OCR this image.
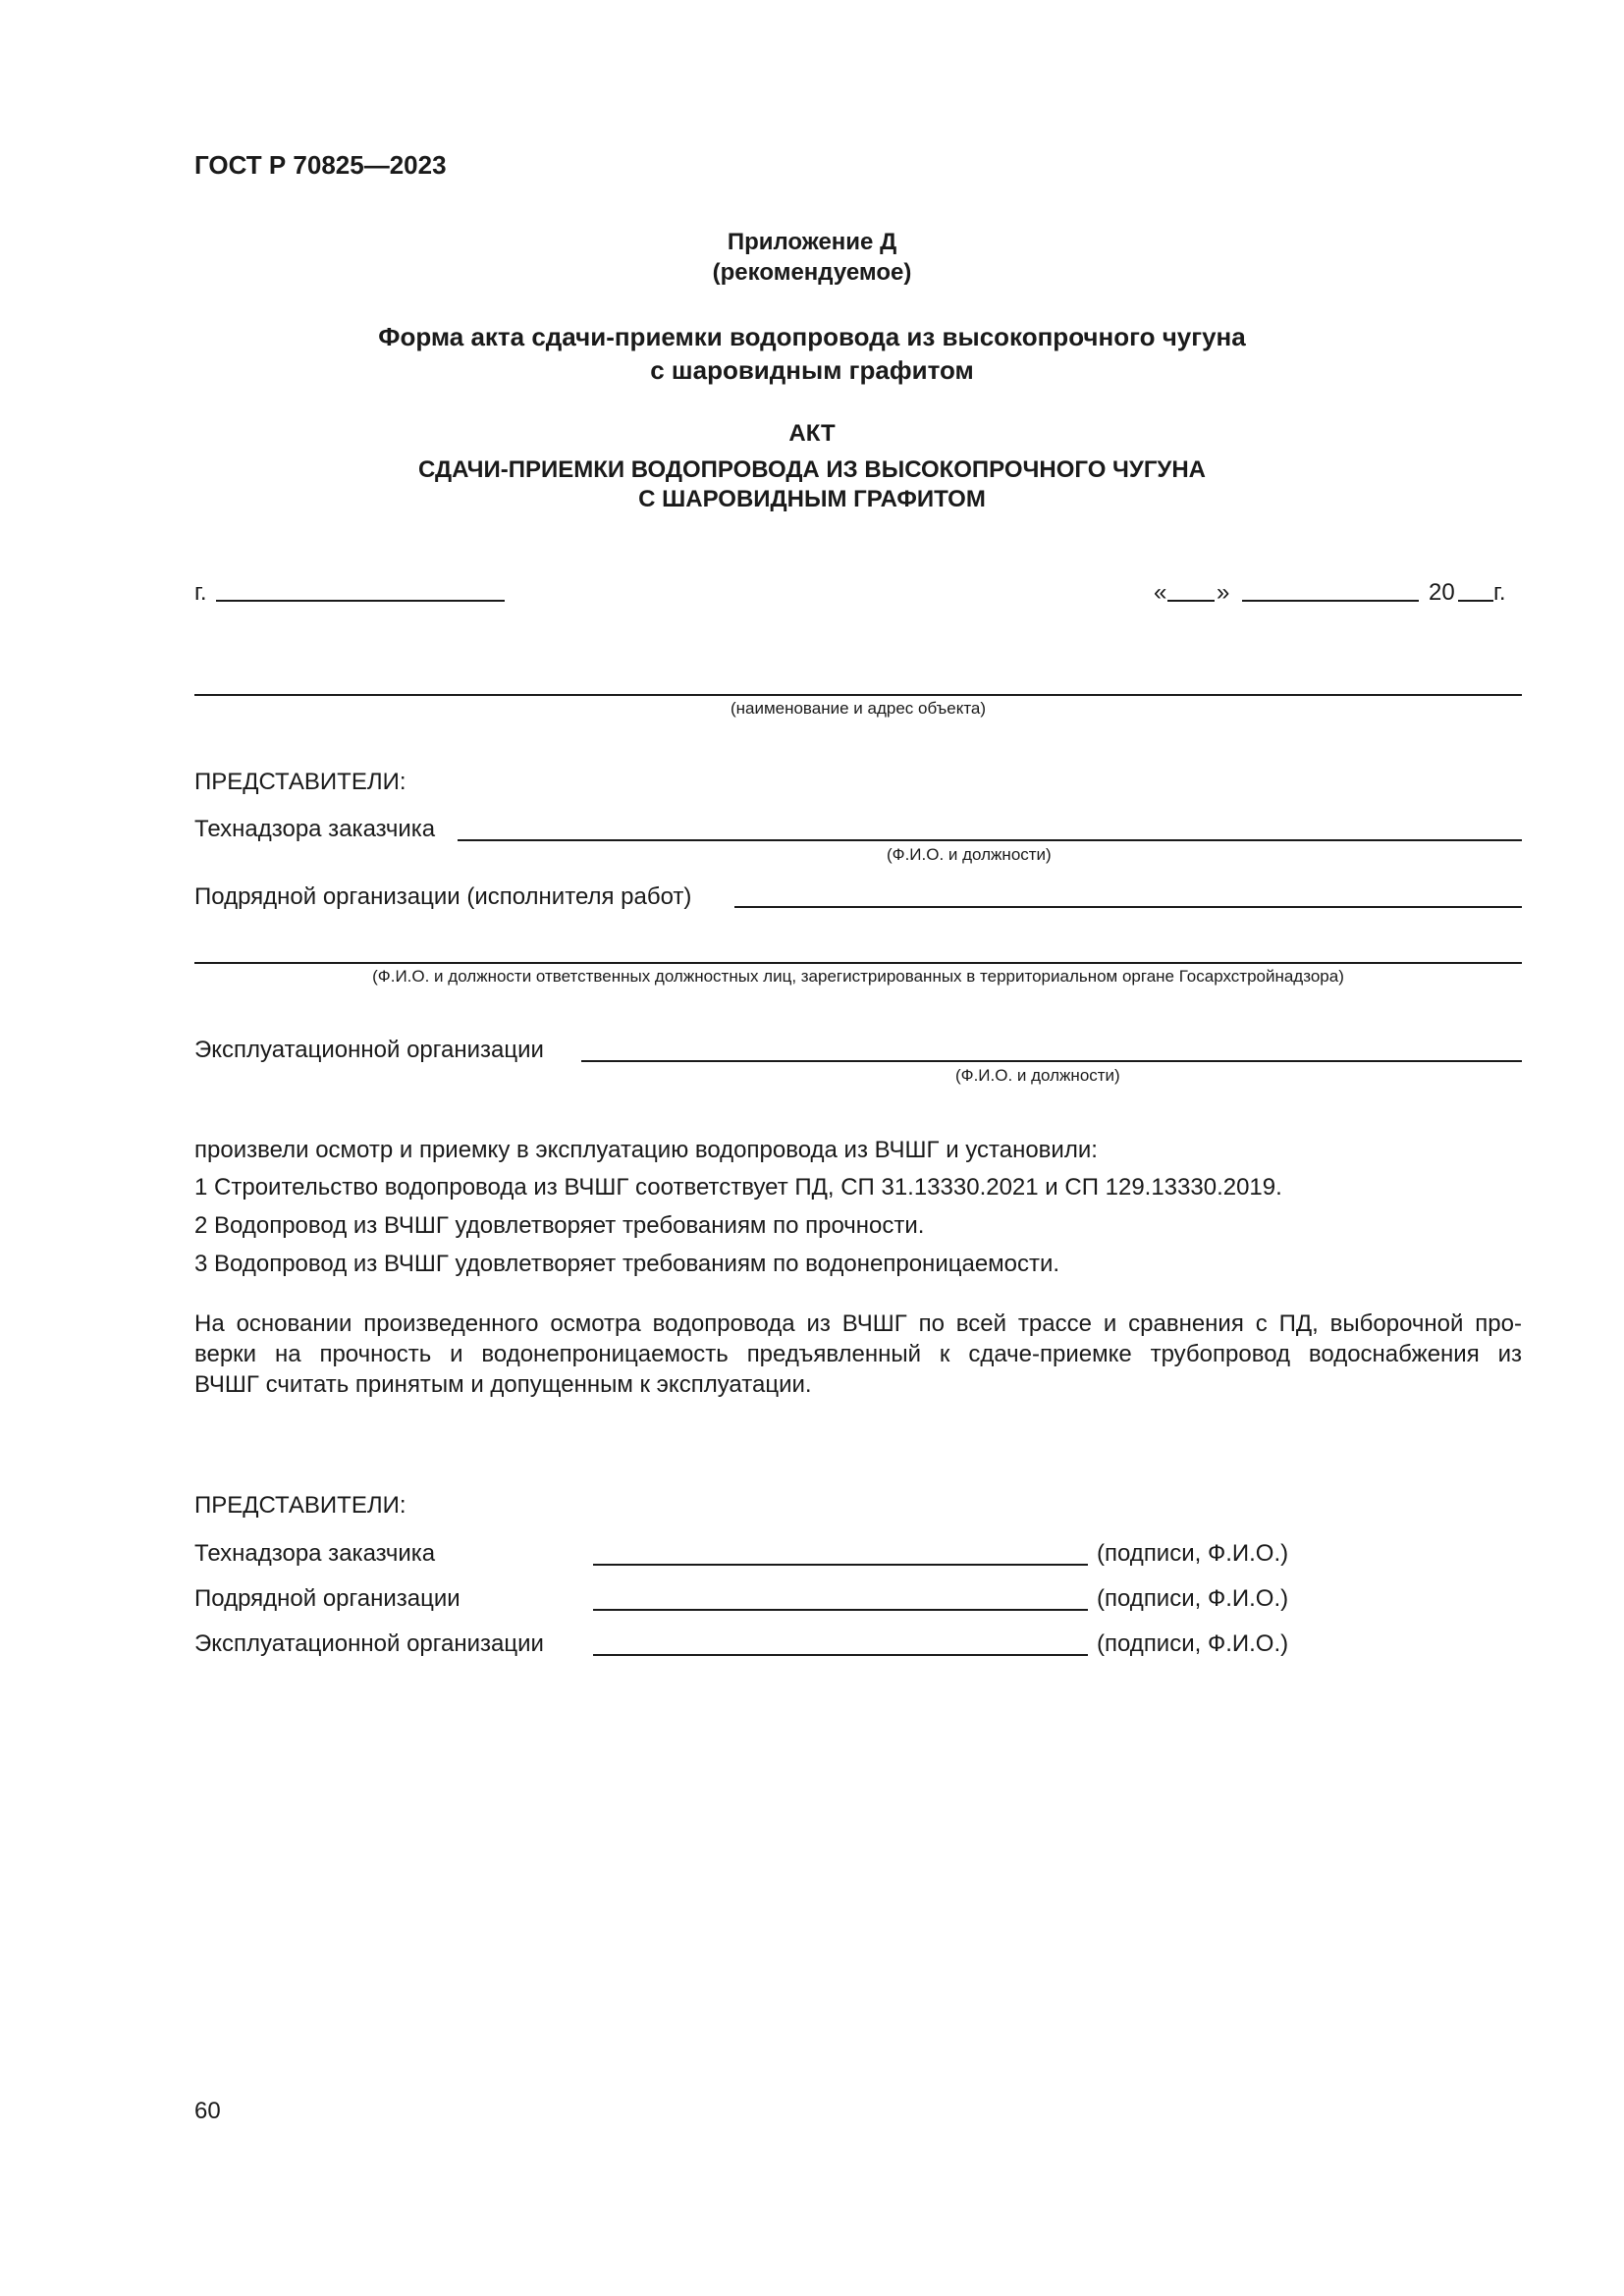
ГОСТ Р 70825—2023
Приложение Д
(рекомендуемое)
Форма акта сдачи-приемки водопровода из высокопрочного чугуна
с шаровидным графитом
АКТ
СДАЧИ-ПРИЕМКИ ВОДОПРОВОДА ИЗ ВЫСОКОПРОЧНОГО ЧУГУНА
С ШАРОВИДНЫМ ГРАФИТОМ
г.	« »	20 г.
(наименование и адрес объекта)
ПРЕДСТАВИТЕЛИ:
Технадзора заказчика
(Ф.И.О. и должности)
Подрядной организации (исполнителя работ)
(Ф.И.О. и должности ответственных должностных лиц, зарегистрированных в территориальном органе Госархстройнадзора)
Эксплуатационной организации
(Ф.И.О. и должности)
произвели осмотр и приемку в эксплуатацию водопровода из ВЧШГ и установили:
1 Строительство водопровода из ВЧШГ соответствует ПД, СП 31.13330.2021 и СП 129.13330.2019.
2 Водопровод из ВЧШГ удовлетворяет требованиям по прочности.
3 Водопровод из ВЧШГ удовлетворяет требованиям по водонепроницаемости.
На основании произведенного осмотра водопровода из ВЧШГ по всей трассе и сравнения с ПД, выборочной про-
верки на прочность и водонепроницаемость предъявленный к сдаче-приемке трубопровод водоснабжения из
ВЧШГ считать принятым и допущенным к эксплуатации.
ПРЕДСТАВИТЕЛИ:
Технадзора заказчика	(подписи, Ф.И.О.)
Подрядной организации	(подписи, Ф.И.О.)
Эксплуатационной организации	(подписи, Ф.И.О.)
60
